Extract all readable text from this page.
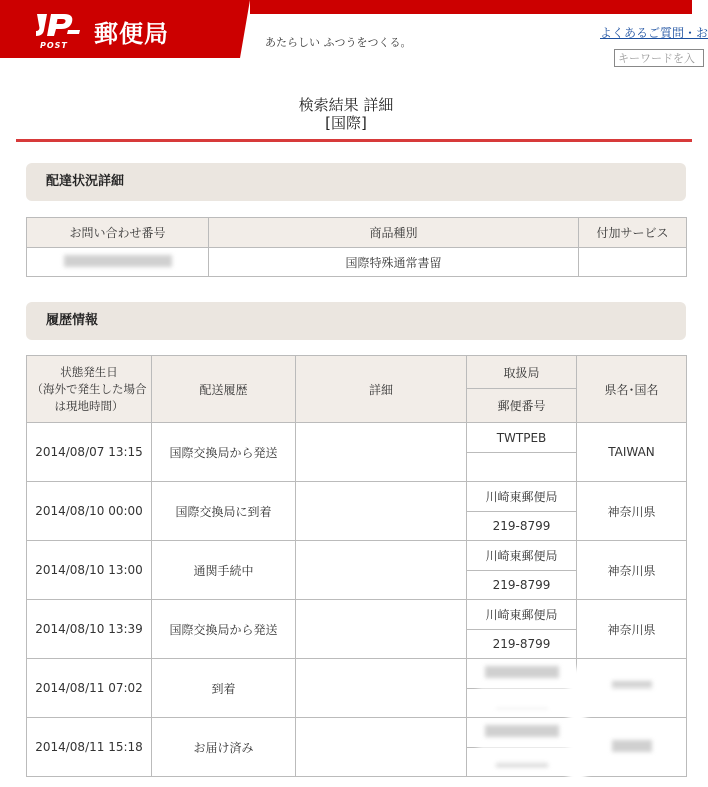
POST 郵便局	あたらしい ふつうをつくる。
よくあるご質問・お
キーワードを入
検索結果 詳細
[国際]
配達状況詳細
お問い合わせ番号	商品種別	付加サービス
	国際特殊通常書留	
履歴情報
状態発生日
（海外で発生した場合は現地時間）	配送履歴	詳細	取扱局	県名･国名
			郵便番号	
2014/08/07 13:15	国際交換局から発送		TWTPEB	TAIWAN

2014/08/10 00:00	国際交換局に到着		川崎東郵便局	神奈川県
			219-8799	
2014/08/10 13:00	通関手続中		川崎東郵便局	神奈川県
			219-8799	
2014/08/10 13:39	国際交換局から発送		川崎東郵便局	神奈川県
			219-8799	
2014/08/11 07:02	到着			

2014/08/11 15:18	お届け済み			
